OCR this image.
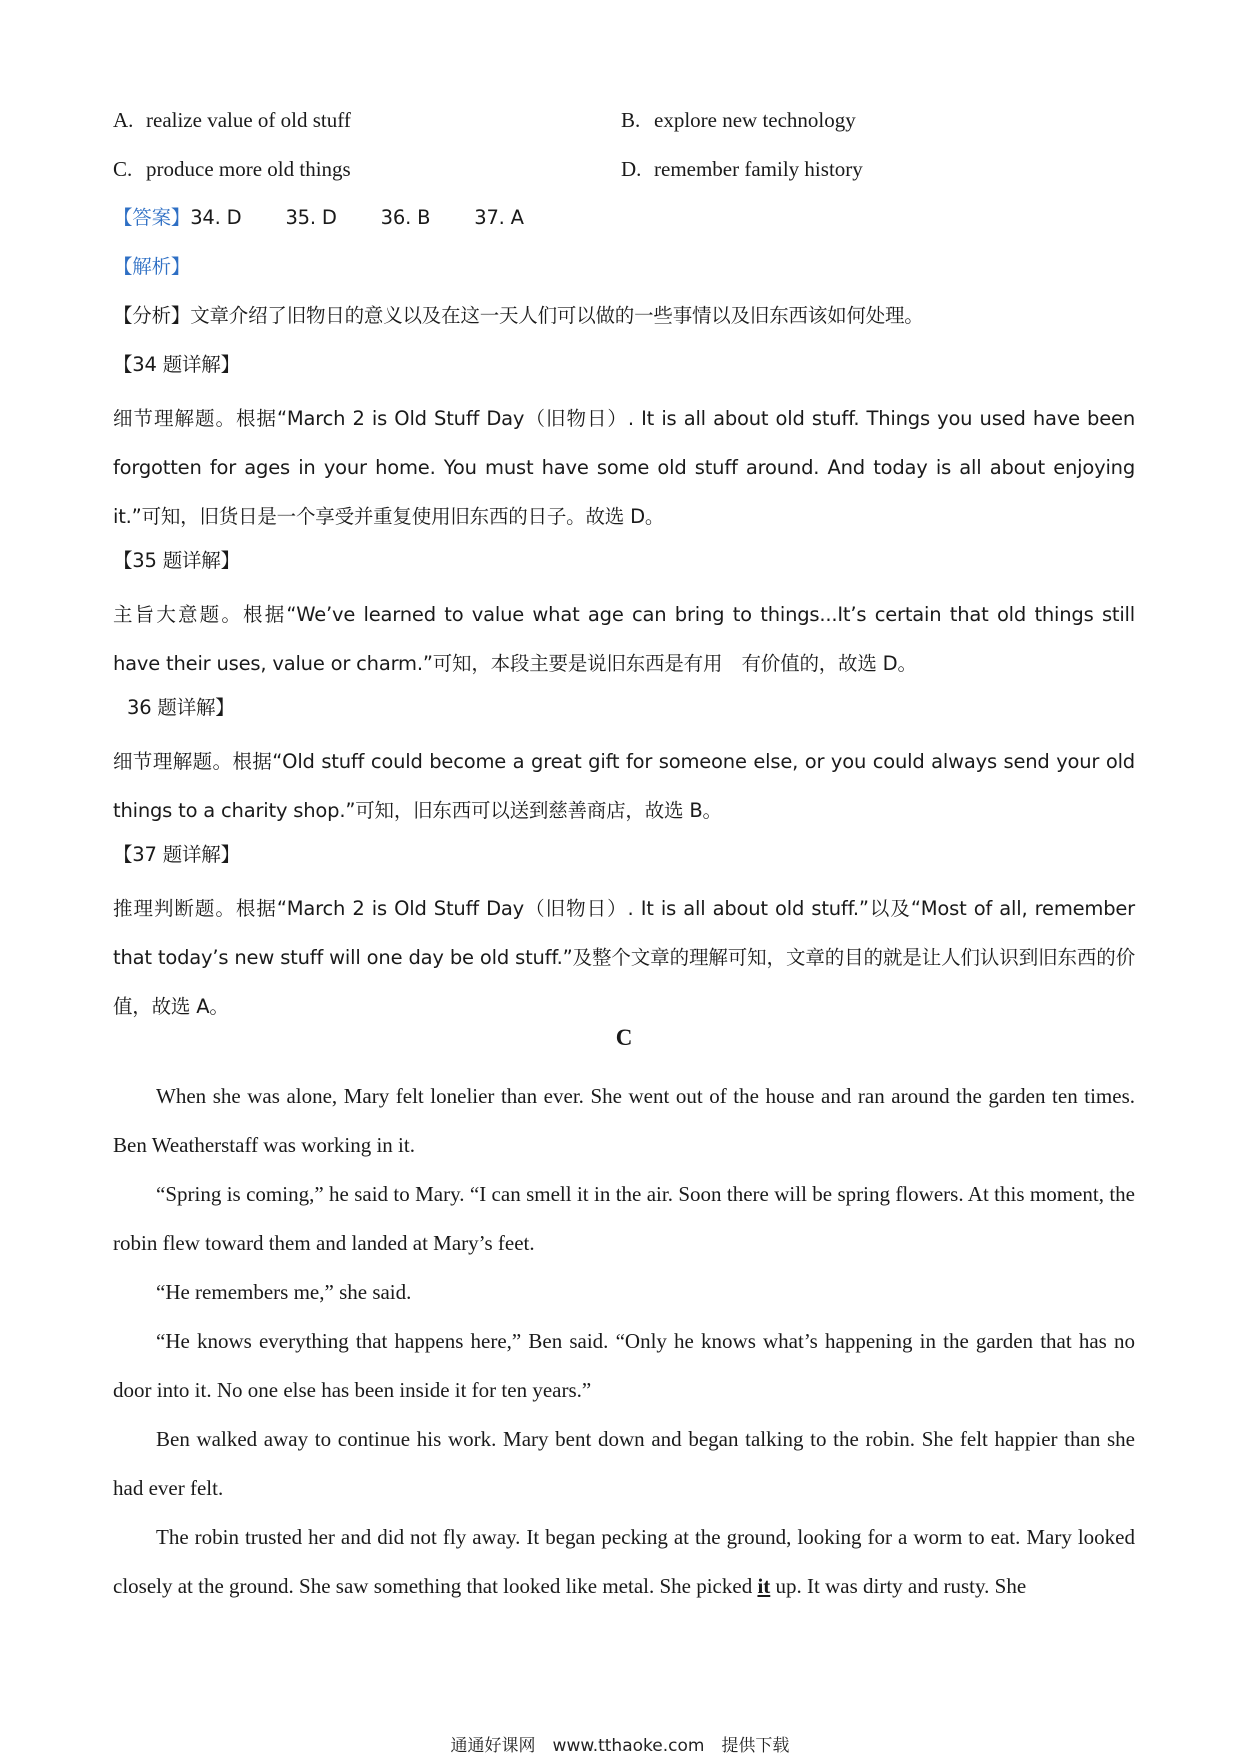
A. realize value of old stuff	B. explore new technology
C. produce more old things	D. remember family history
【答案】34. D 35. D 36. B 37. A
【解析】
【分析】文章介绍了旧物日的意义以及在这一天人们可以做的一些事情以及旧东西该如何处理。
【34 题详解】

细节理解题。根据“March 2 is Old Stuff Day（旧物日）. It is all about old stuff. Things you used have been forgotten for ages in your home. You must have some old stuff around. And today is all about enjoying it.”可知，旧货日是一个享受并重复使用旧东西的日子。故选 D。

【35 题详解】

主旨大意题。根据“We’ve learned to value what age can bring to things...It’s certain that old things still have their uses, value or charm.”可知，本段主要是说旧东西是有用　有价值的，故选 D。

36 题详解】

细节理解题。根据“Old stuff could become a great gift for someone else, or you could always send your old things to a charity shop.”可知，旧东西可以送到慈善商店，故选 B。

【37 题详解】

推理判断题。根据“March 2 is Old Stuff Day（旧物日）. It is all about old stuff.”以及“Most of all, remember that today’s new stuff will one day be old stuff.”及整个文章的理解可知，文章的目的就是让人们认识到旧东西的价值，故选 A。

C

When she was alone, Mary felt lonelier than ever. She went out of the house and ran around the garden ten times. Ben Weatherstaff was working in it.

“Spring is coming,” he said to Mary. “I can smell it in the air. Soon there will be spring flowers. At this moment, the robin flew toward them and landed at Mary’s feet.

“He remembers me,” she said.

“He knows everything that happens here,” Ben said. “Only he knows what’s happening in the garden that has no door into it. No one else has been inside it for ten years.”

Ben walked away to continue his work. Mary bent down and began talking to the robin. She felt happier than she had ever felt.

The robin trusted her and did not fly away. It began pecking at the ground, looking for a worm to eat. Mary looked closely at the ground. She saw something that looked like metal. She picked it up. It was dirty and rusty. She

通通好课网　www.tthaoke.com　提供下载
